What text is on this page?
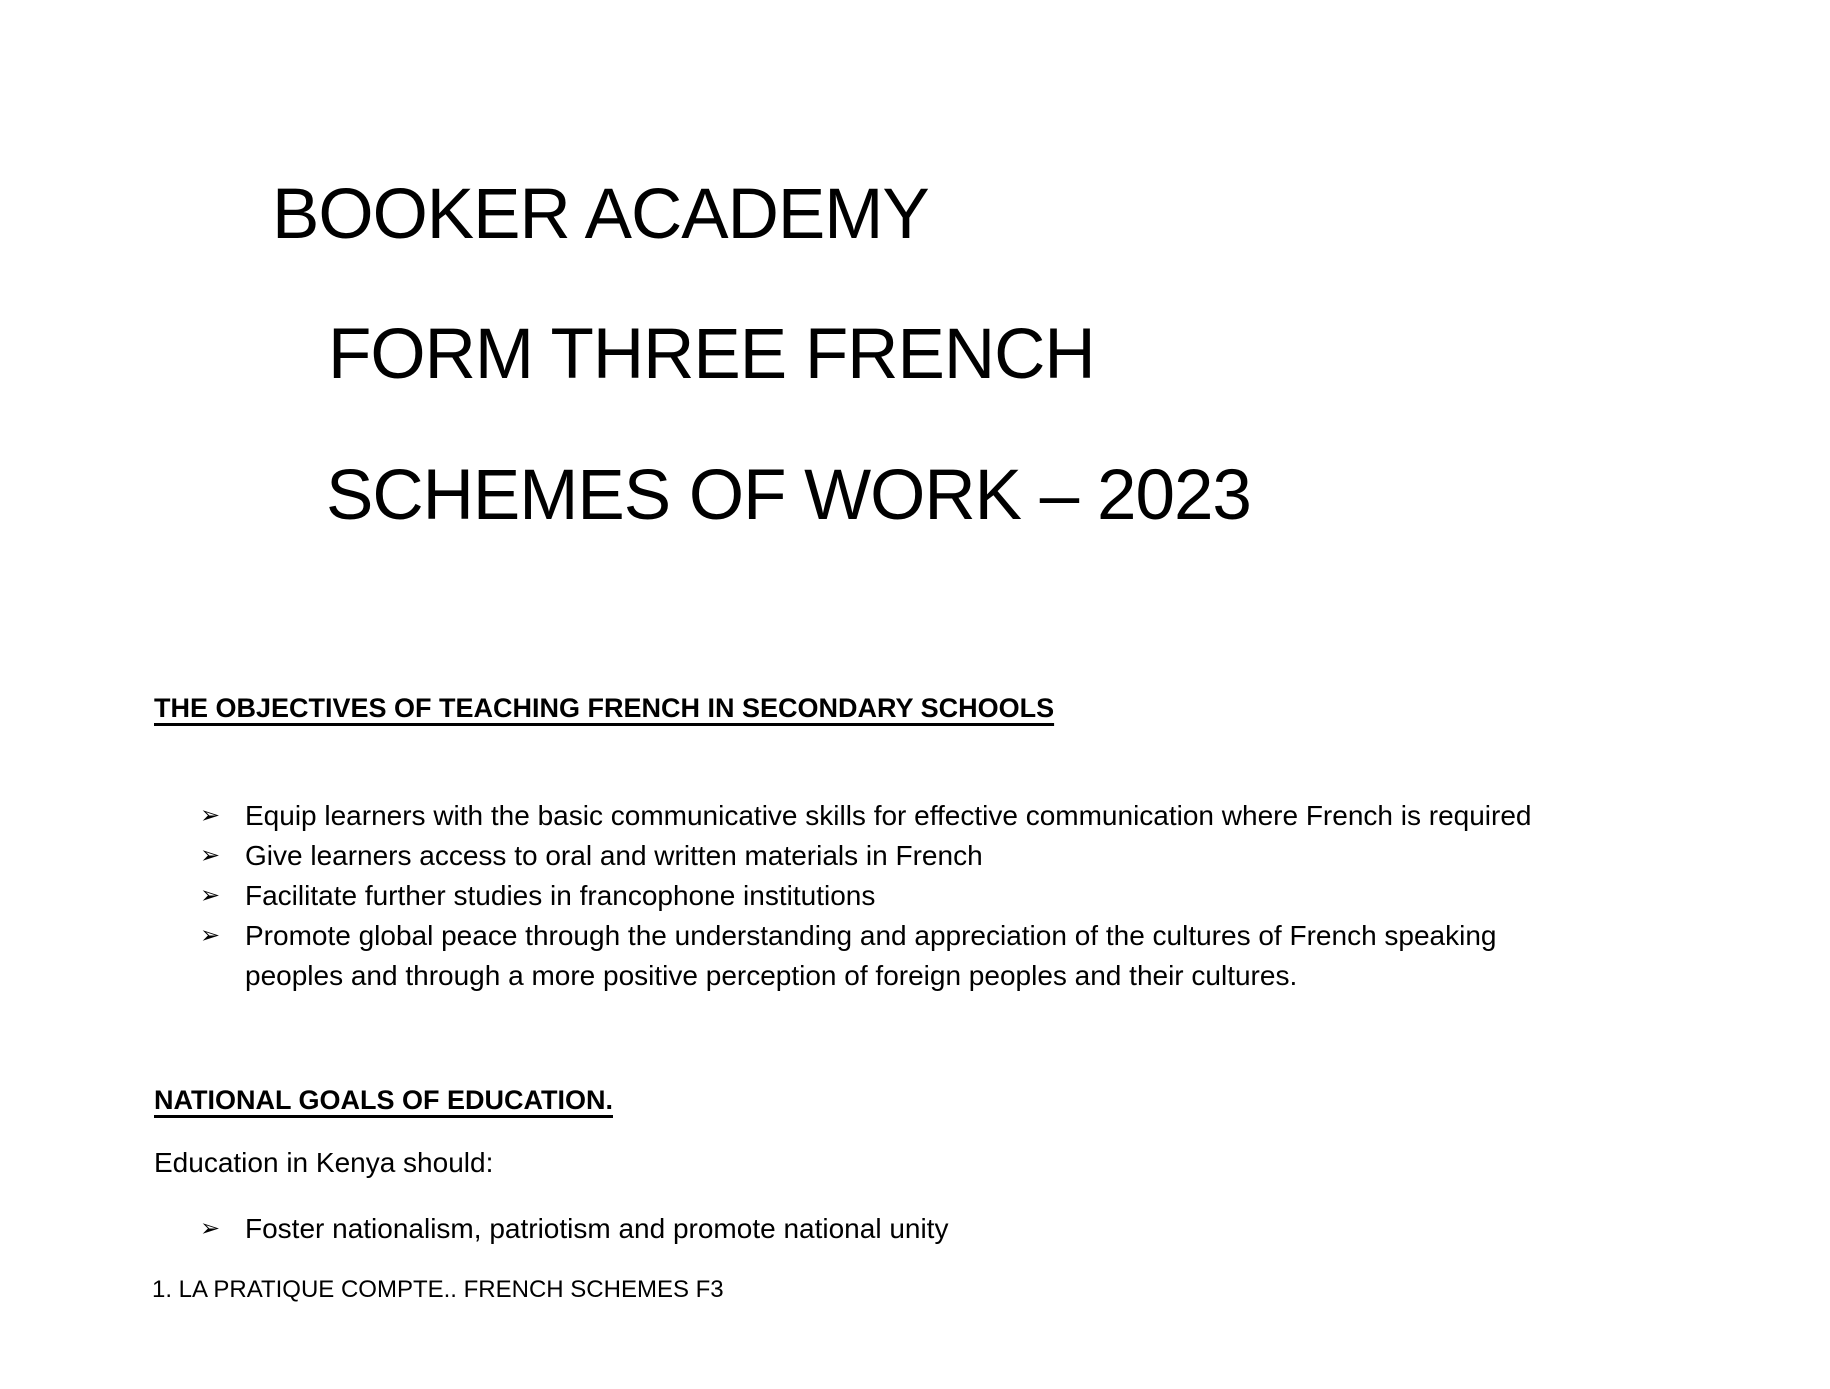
BOOKER ACADEMY
FORM THREE FRENCH
SCHEMES OF WORK – 2023
THE OBJECTIVES OF TEACHING FRENCH IN SECONDARY SCHOOLS
➢ Equip learners with the basic communicative skills for effective communication where French is required
➢ Give learners access to oral and written materials in French
➢ Facilitate further studies in francophone institutions
➢ Promote global peace through the understanding and appreciation of the cultures of French speaking
peoples and through a more positive perception of foreign peoples and their cultures.
NATIONAL GOALS OF EDUCATION.
Education in Kenya should:
➢ Foster nationalism, patriotism and promote national unity
1. LA PRATIQUE COMPTE.. FRENCH SCHEMES F3
